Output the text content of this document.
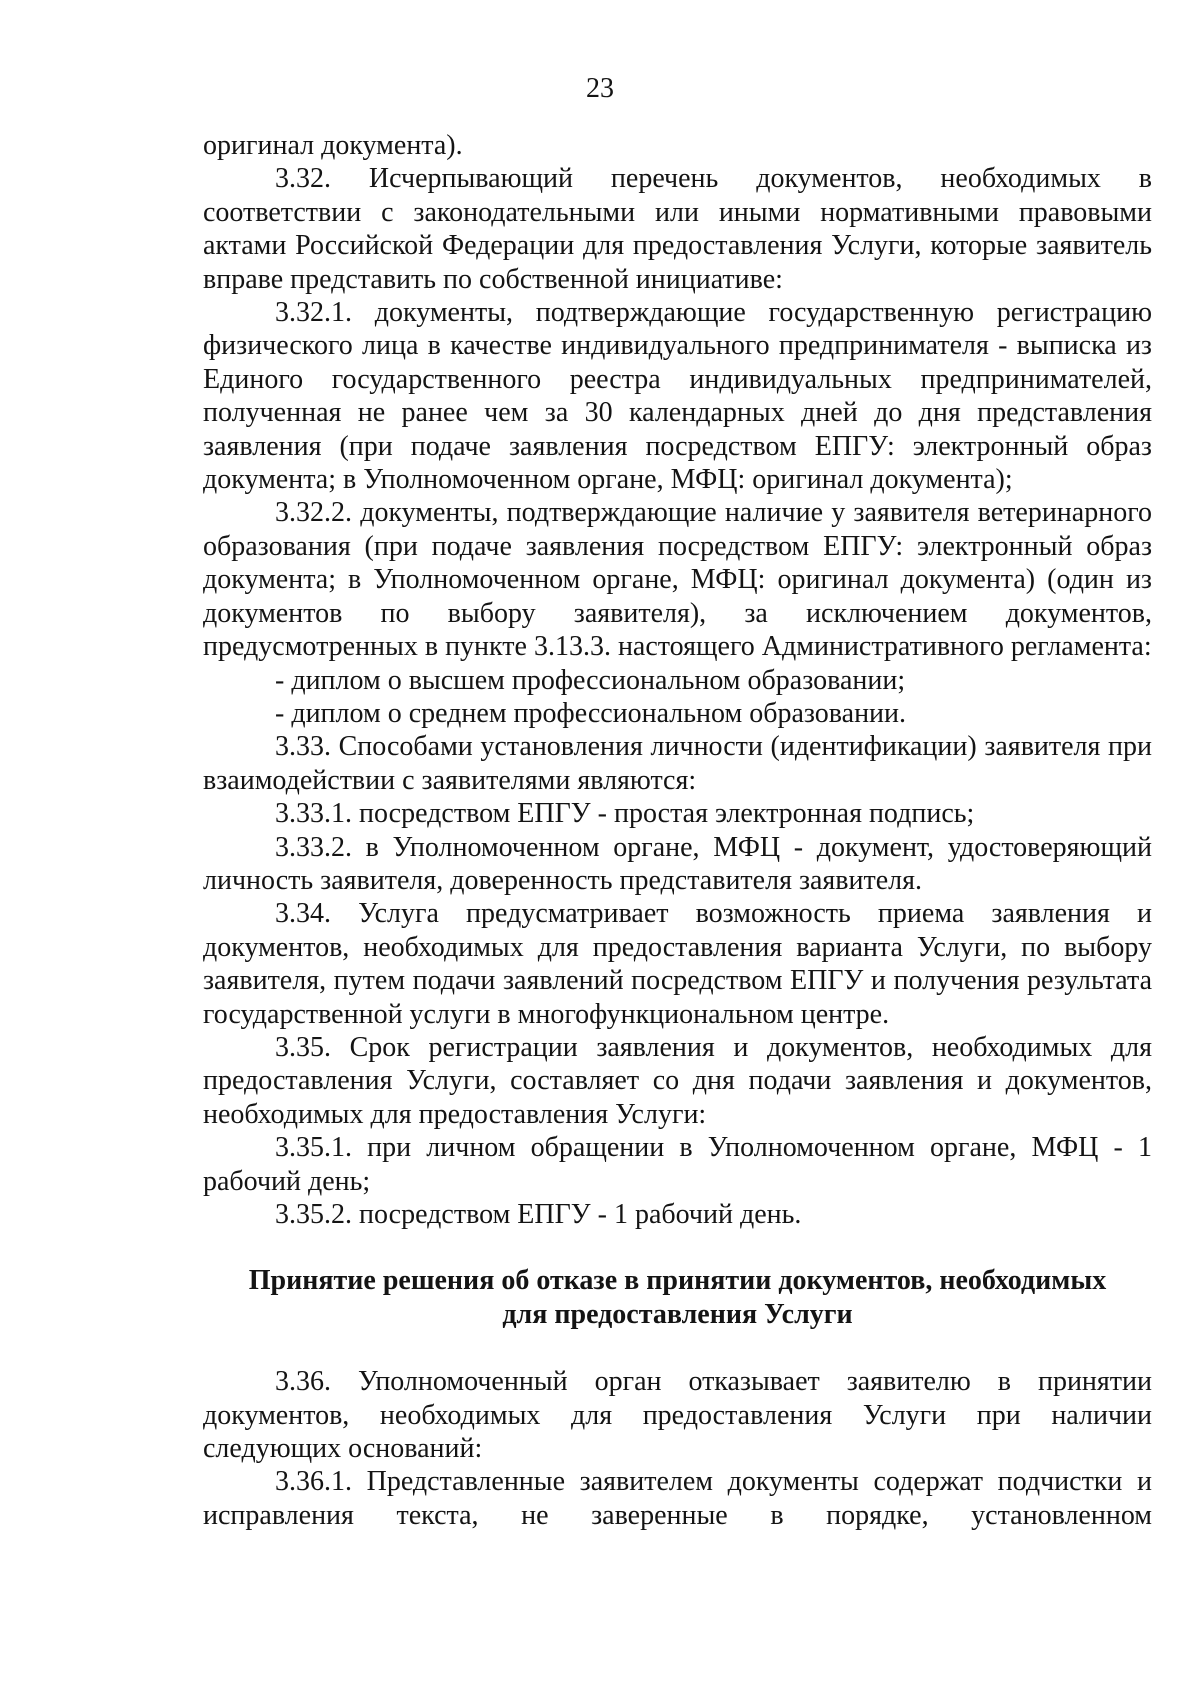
23

оригинал документа).

3.32. Исчерпывающий перечень документов, необходимых в соответствии с законодательными или иными нормативными правовыми актами Российской Федерации для предоставления Услуги, которые заявитель вправе представить по собственной инициативе:

3.32.1. документы, подтверждающие государственную регистрацию физического лица в качестве индивидуального предпринимателя - выписка из Единого государственного реестра индивидуальных предпринимателей, полученная не ранее чем за 30 календарных дней до дня представления заявления (при подаче заявления посредством ЕПГУ: электронный образ документа; в Уполномоченном органе, МФЦ: оригинал документа);

3.32.2. документы, подтверждающие наличие у заявителя ветеринарного образования (при подаче заявления посредством ЕПГУ: электронный образ документа; в Уполномоченном органе, МФЦ: оригинал документа) (один из документов по выбору заявителя), за исключением документов, предусмотренных в пункте 3.13.3. настоящего Административного регламента:

- диплом о высшем профессиональном образовании;

- диплом о среднем профессиональном образовании.

3.33. Способами установления личности (идентификации) заявителя при взаимодействии с заявителями являются:

3.33.1. посредством ЕПГУ - простая электронная подпись;

3.33.2. в Уполномоченном органе, МФЦ - документ, удостоверяющий личность заявителя, доверенность представителя заявителя.

3.34. Услуга предусматривает возможность приема заявления и документов, необходимых для предоставления варианта Услуги, по выбору заявителя, путем подачи заявлений посредством ЕПГУ и получения результата государственной услуги в многофункциональном центре.

3.35. Срок регистрации заявления и документов, необходимых для предоставления Услуги, составляет со дня подачи заявления и документов, необходимых для предоставления Услуги:

3.35.1. при личном обращении в Уполномоченном органе, МФЦ - 1 рабочий день;

3.35.2. посредством ЕПГУ - 1 рабочий день.

Принятие решения об отказе в принятии документов, необходимых
для предоставления Услуги

3.36. Уполномоченный орган отказывает заявителю в принятии документов, необходимых для предоставления Услуги при наличии следующих оснований:

3.36.1. Представленные заявителем документы содержат подчистки и исправления текста, не заверенные в порядке, установленном
